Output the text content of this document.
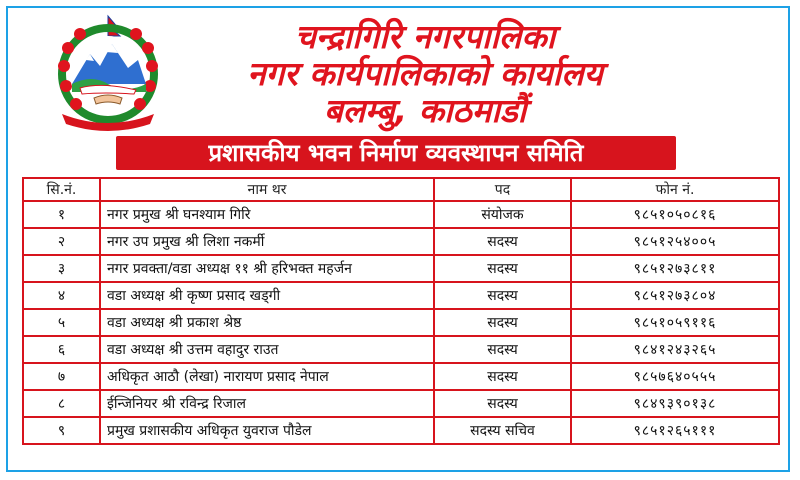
चन्द्रागिरि नगरपालिका
नगर कार्यपालिकाको कार्यालय
बलम्बु, काठमाडौं
प्रशासकीय भवन निर्माण व्यवस्थापन समिति
सि.नं.	नाम थर	पद	फोन नं.
१	नगर प्रमुख श्री घनश्याम गिरि	संयोजक	९८५१०५०८१६
२	नगर उप प्रमुख श्री लिशा नकर्मी	सदस्य	९८५१२५४००५
३	नगर प्रवक्ता/वडा अध्यक्ष ११ श्री हरिभक्त महर्जन	सदस्य	९८५१२७३८११
४	वडा अध्यक्ष श्री कृष्ण प्रसाद खड्गी	सदस्य	९८५१२७३८०४
५	वडा अध्यक्ष श्री प्रकाश श्रेष्ठ	सदस्य	९८५१०५९११६
६	वडा अध्यक्ष श्री उत्तम वहादुर राउत	सदस्य	९८४१२४३२६५
७	अधिकृत आठौ (लेखा) नारायण प्रसाद नेपाल	सदस्य	९८५७६४०५५५
८	ईन्जिनियर श्री रविन्द्र रिजाल	सदस्य	९८४९३९०१३८
९	प्रमुख प्रशासकीय अधिकृत युवराज पौडेल	सदस्य सचिव	९८५१२६५१११
